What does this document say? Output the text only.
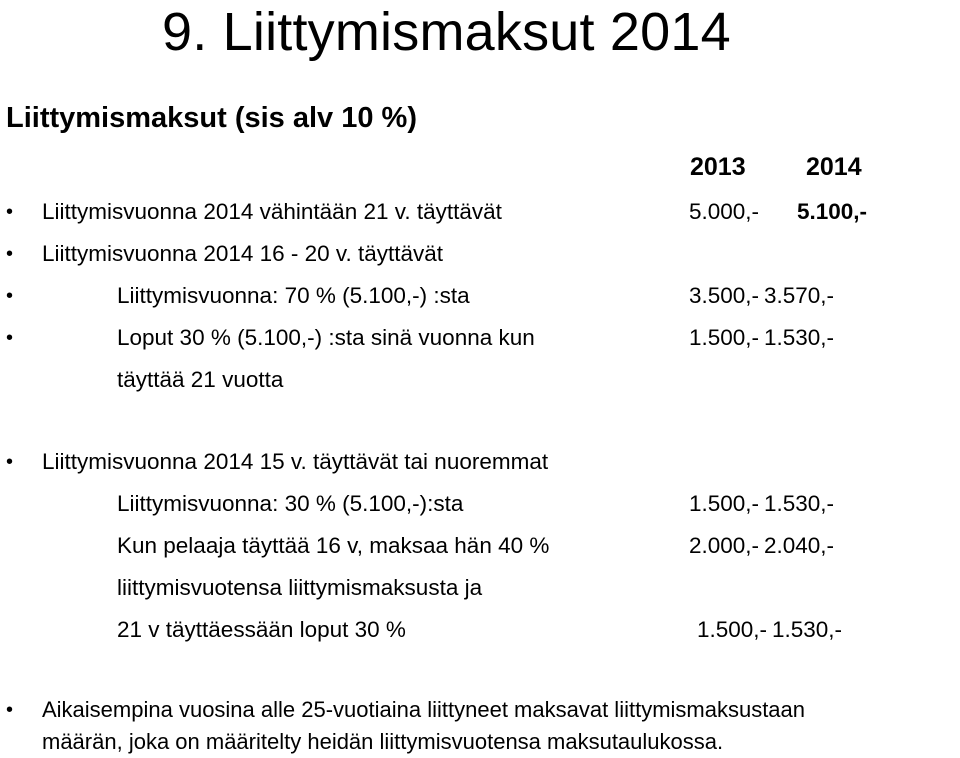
9. Liittymismaksut 2014
Liittymismaksut (sis alv 10 %)
2013 2014
• Liittymisvuonna 2014 vähintään 21 v. täyttävät	5.000,- 5.100,-
• Liittymisvuonna 2014 16 - 20 v. täyttävät
•	Liittymisvuonna: 70 % (5.100,-) :sta	3.500,- 3.570,-
•	Loput 30 % (5.100,-) :sta sinä vuonna kun	1.500,- 1.530,-
täyttää 21 vuotta
• Liittymisvuonna 2014 15 v. täyttävät tai nuoremmat
Liittymisvuonna: 30 % (5.100,-):sta	1.500,- 1.530,-
Kun pelaaja täyttää 16 v, maksaa hän 40 %	2.000,- 2.040,-
liittymisvuotensa liittymismaksusta ja
21 v täyttäessään loput 30 %	1.500,- 1.530,-
• Aikaisempina vuosina alle 25-vuotiaina liittyneet maksavat liittymismaksustaan
määrän, joka on määritelty heidän liittymisvuotensa maksutaulukossa.
